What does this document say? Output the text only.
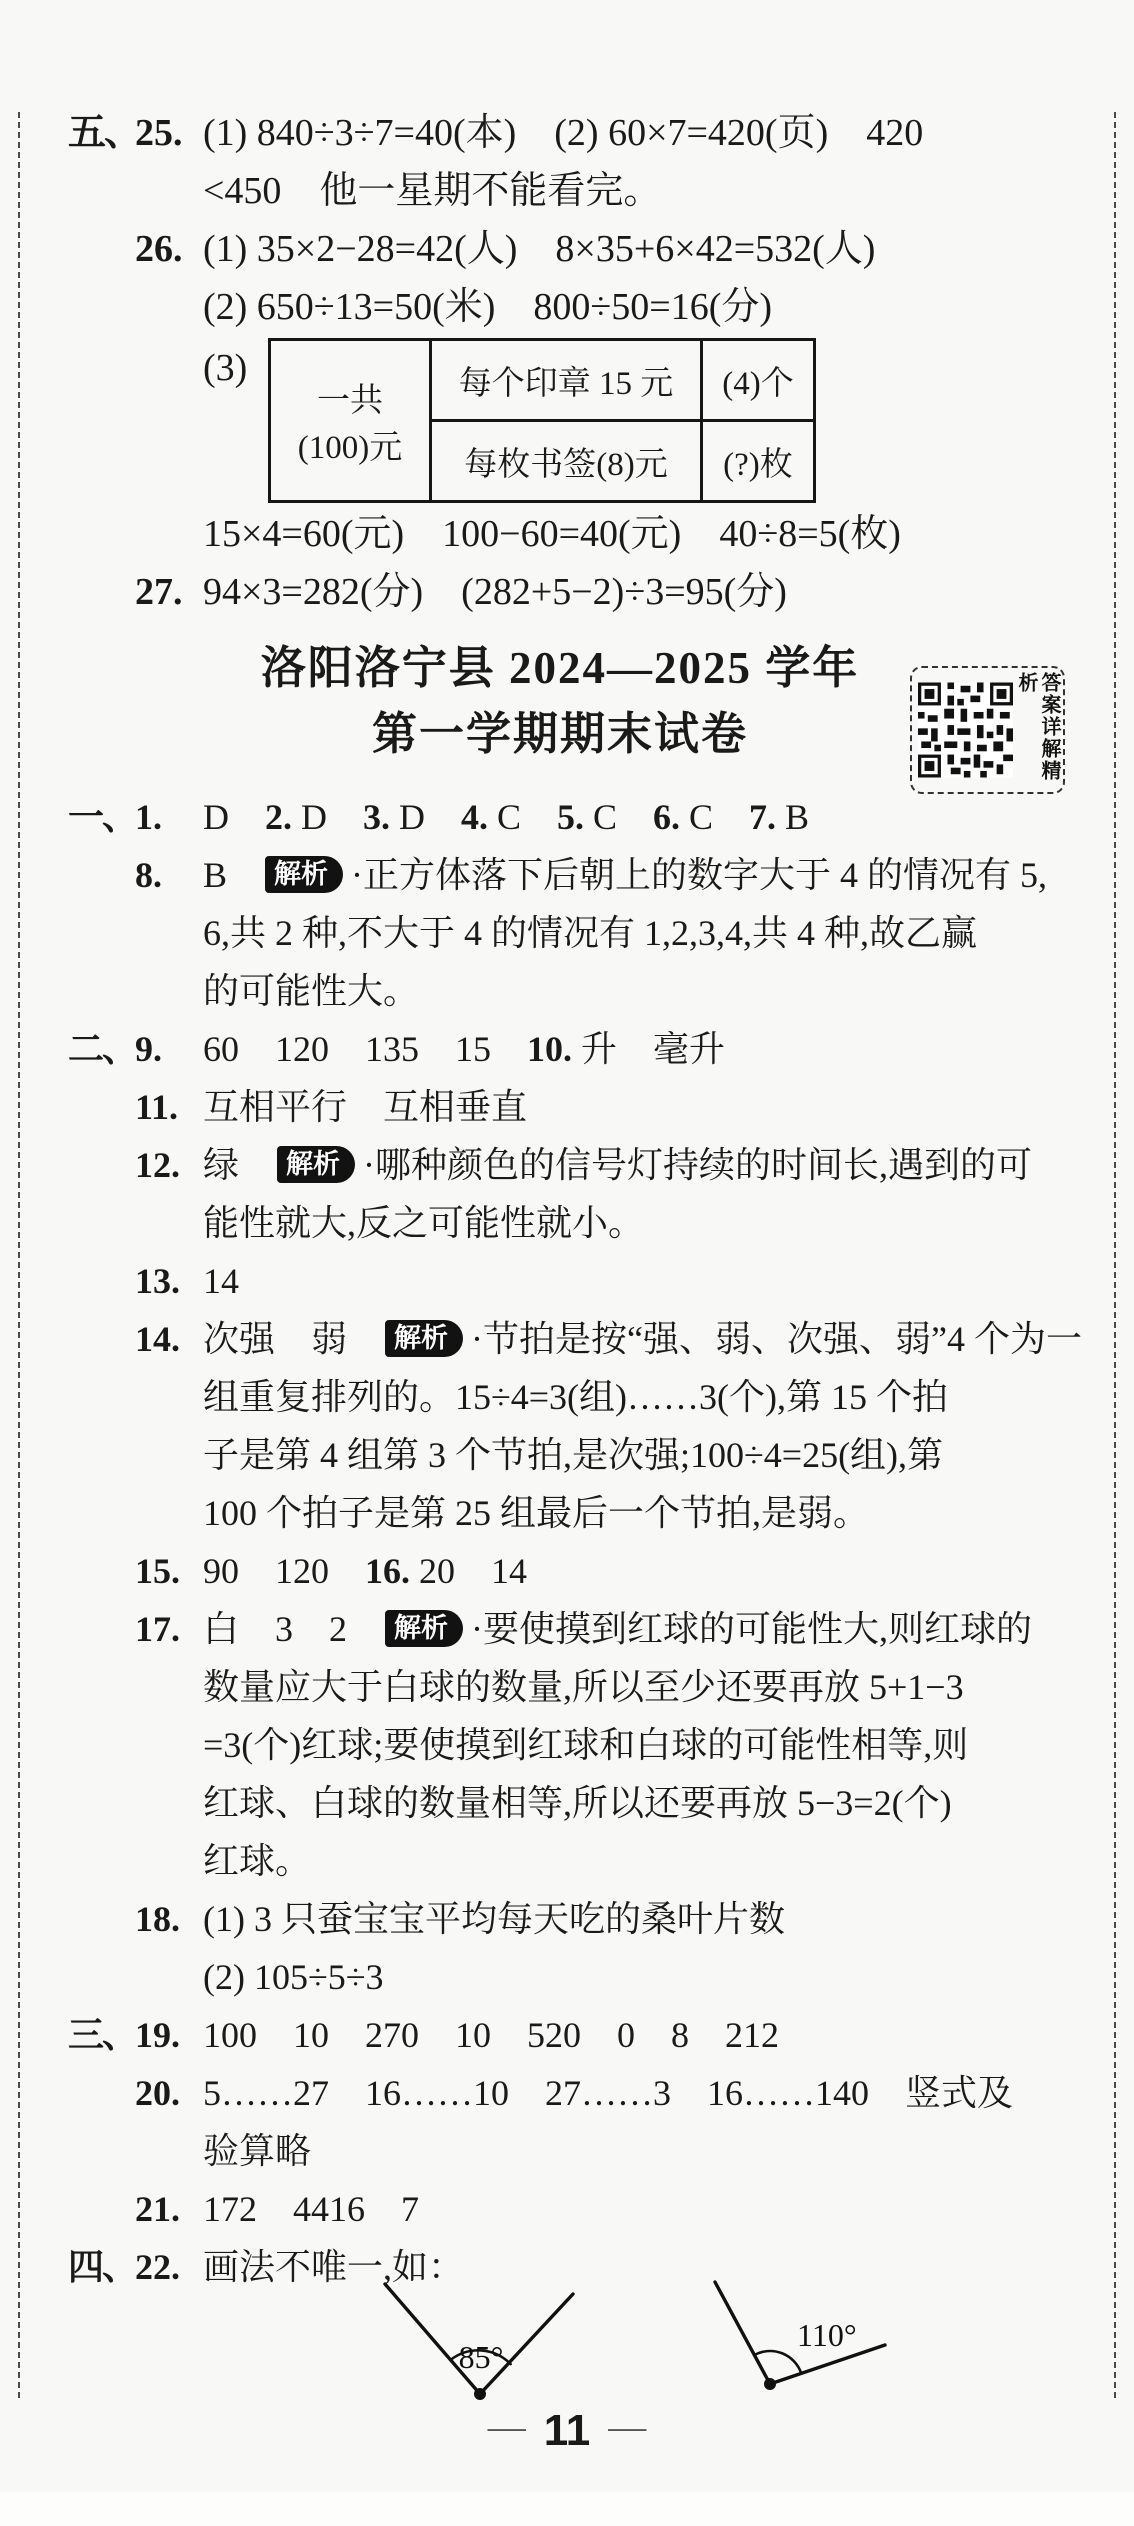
五、
25. (1) 840÷3÷7=40(本)　(2) 60×7=420(页)　420
<450　他一星期不能看完。
26. (1) 35×2−28=42(人)　8×35+6×42=532(人)
(2) 650÷13=50(米)　800÷50=16(分)
(3)
一共
(100)元	每个印章 15 元	(4)个
	每枚书签(8)元	(?)枚
15×4=60(元)　100−60=40(元)　40÷8=5(枚)
27. 94×3=282(分)　(282+5−2)÷3=95(分)
洛阳洛宁县 2024—2025 学年
第一学期期末试卷	答案详解精析
一、
1.	D　2. D　3. D　4. C　5. C　6. C　7. B
8.	B　解析 ·正方体落下后朝上的数字大于 4 的情况有 5,
6,共 2 种,不大于 4 的情况有 1,2,3,4,共 4 种,故乙赢
的可能性大。
二、
9.	60　120　135　15　10. 升　毫升
11. 互相平行　互相垂直
12. 绿　解析 ·哪种颜色的信号灯持续的时间长,遇到的可
能性就大,反之可能性就小。
13. 14
14. 次强　弱　解析 ·节拍是按“强、弱、次强、弱”4 个为一
组重复排列的。15÷4=3(组)……3(个),第 15 个拍
子是第 4 组第 3 个节拍,是次强;100÷4=25(组),第
100 个拍子是第 25 组最后一个节拍,是弱。
15. 90　120　16. 20　14
17. 白　3　2　解析 ·要使摸到红球的可能性大,则红球的
数量应大于白球的数量,所以至少还要再放 5+1−3
=3(个)红球;要使摸到红球和白球的可能性相等,则
红球、白球的数量相等,所以还要再放 5−3=2(个)
红球。
18. (1) 3 只蚕宝宝平均每天吃的桑叶片数
(2) 105÷5÷3
三、
19. 100　10　270　10　520　0　8　212
20. 5……27　16……10　27……3　16……140　竖式及
验算略
21. 172　4416　7
四、
22. 画法不唯一,如：
85°
110°
— 11 —
